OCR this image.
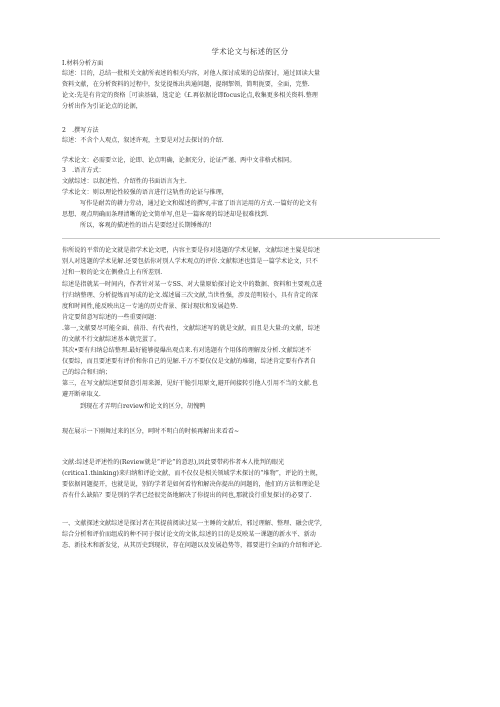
学术论文与标述的区分
Ⅰ.材料分析方面
综述：目的，总结一批相关文献所表述的相关内容，对他人探讨成果的总结探讨，通过回读大量
资料文献，在分析资料的过程中，发觉提炼出共通问题，提纲挈领，简明扼要，全面，完整.
论文:先是有肯定的资格［可读基础，选定论《£.再依据论即focus论点,收集更多相关资料.整理
分析出作为引证论点的论据，
2　.撰写方法
综述：不含个人观点，叙述许观，主要是对过去探讨的介绍.
学术论文：必需要立论，论即、论点明确，论据充分，论证严谨、两中文非格式相同。
3　.语言方式：
文献综述：以叙述性、介绍性的书面语言为主.
学术论文：则以理论性较强的语言进行这轨性的论证与推理，
写作是耐苦的耕力劳动，通过论文和媒述的撰写,丰富了语言运用的方式.一篇好的论文有
思想、观点明确而条理清晰的论文简单写,但是一篇客观的综述却是很难找到.
所以，客观的描述性的语占是要经过长期锤炼的!
你所说的平常的论文就是指学术论文吧，内容主要是你对选题的学术见解，文献综述主髮是综述
别人对选题的学术见解.还要包括你对别人学术观点的评价.文献粽述也算是一篇学术论文，只不
过和一般的论文在侧叠点上有所差别.
综述是指就某一时间内，作者针对某一专SS、对大量原始探讨论文中的数据、资料和主要观点进
行归纳整理、分析提炼而写成的论文.媒述属三次文献,当世性强，涉及范明较小，具有肯定的深
度和时间性,能反映出这一专迪的历史背景、探讨现状和发展趋势.
肯定要留意写综述的一些重要问题：
.第一,文献要尽可能全面、前沿、有代表性，文献综述写的就是文献，而且是大量:的文献，综述
的文献不行文献综述基本就完蛋了。
其次•要有归纳总结整理.最好能够提爆出观点来.有对选题有个用体的理解及分析.文献综述不
仅要综，而且要述要有评价和你自己的见解.千万不要仅仅是文献的堆砌，综述肯定要有作者自
己的综合和归纳；
第三，在写文献综述要留意引用来源，见好干脆引用原文,避开间接转引他人引用不当的文献.也
避开断章取义.
到现在才弄明白review和论文的区分，胡愧鸭
现在展示一下刚舞过来的区分，呵时不明白的时候再解出来看看~
文献:综述是评述性的(Review就是“评论”的意思),因此要带药作者本人批判的眼光
(critica1.thinking)来归纳和评论文献，而不仅仅是相关领域学术探讨的“堆物”，评论的主规，
要依据问题提开，也就是说，别的学者是如何看待和解决你提出的问题的，他们的方法和理论是
否有什么缺陷？要是别的学者已经很完备地解决了你提出的问也,那就没行重复探讨的必要了.
一、文献探述文献综述是探讨者在其提前阅读过某一主睡的文献后，邪过理解、整理、融会虎学,
综合分析和评价而组成的种不同于探讨论文的文体,综述的目的是反映某一课题的新水平、新动
态、新技术和新发觉，从其历史到现状，存在问题以及发展趋势等，都要进行全面的介绍和评论.
